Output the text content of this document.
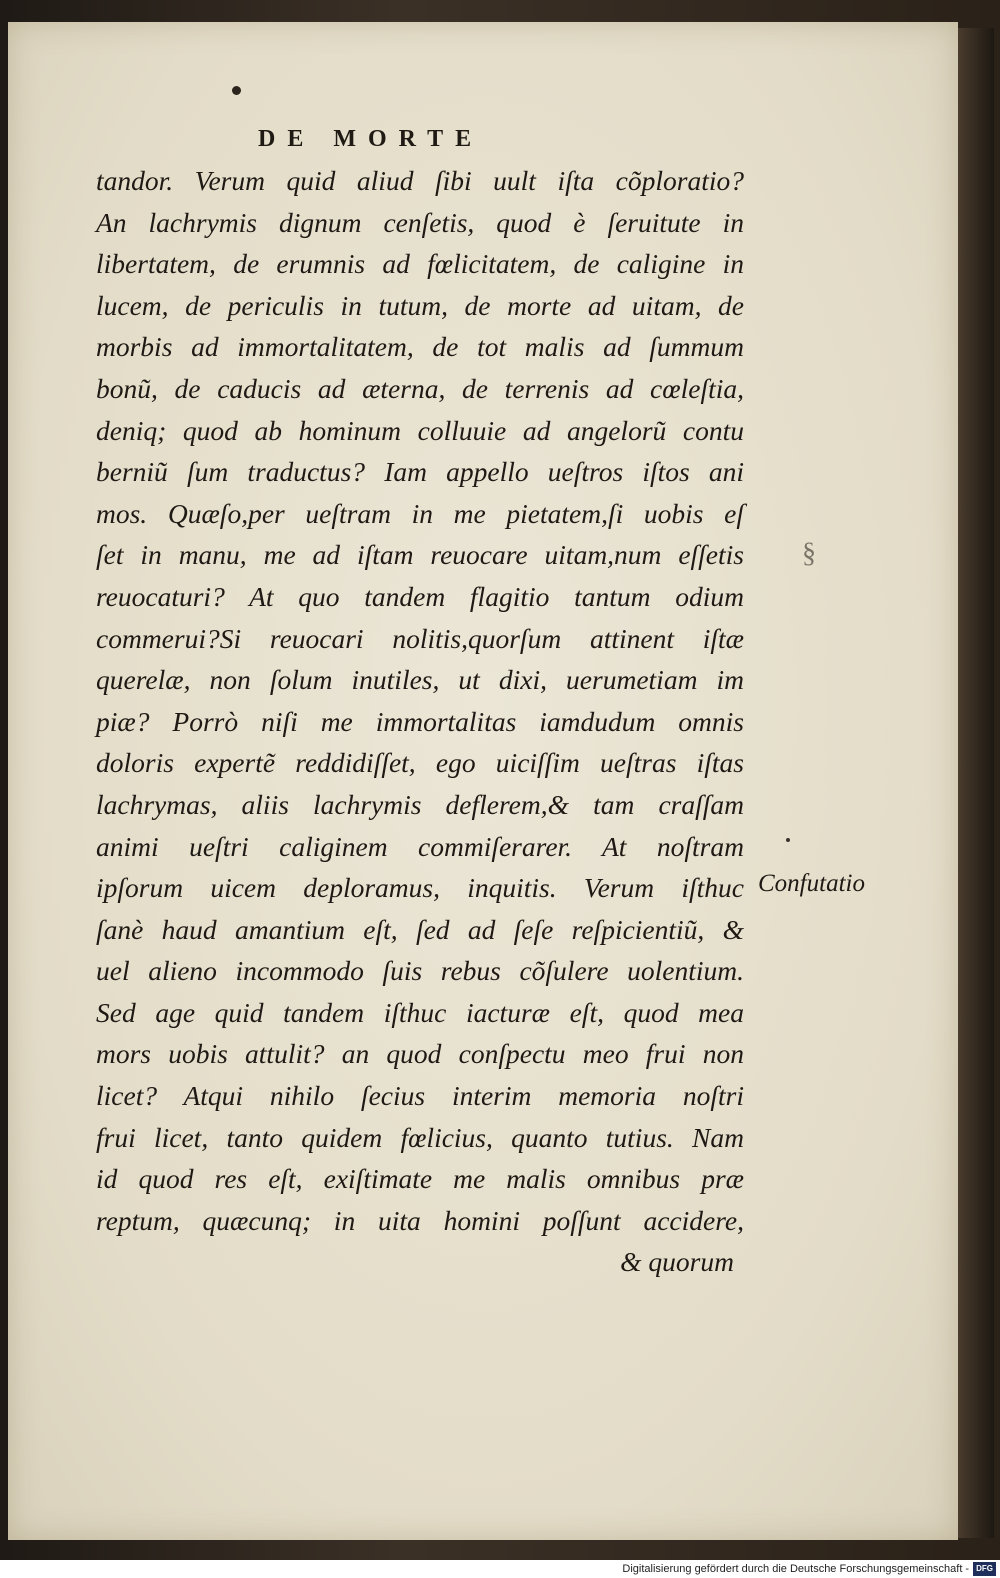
DE MORTE
tandor. Verum quid aliud ſibi uult iſta cõploratio?
An lachrymis dignum cenſetis, quod è ſeruitute in
libertatem, de erumnis ad fœlicitatem, de caligine in
lucem, de periculis in tutum, de morte ad uitam, de
morbis ad immortalitatem, de tot malis ad ſummum
bonũ, de caducis ad æterna, de terrenis ad cœleſtia,
deniq; quod ab hominum colluuie ad angelorũ contu
berniũ ſum traductus? Iam appello ueſtros iſtos ani
mos. Quæſo,per ueſtram in me pietatem,ſi uobis eſ
ſet in manu, me ad iſtam reuocare uitam,num eſſetis
reuocaturi? At quo tandem flagitio tantum odium
commerui?Si reuocari nolitis,quorſum attinent iſtæ
querelæ, non ſolum inutiles, ut dixi, uerumetiam im
piæ? Porrò niſi me immortalitas iamdudum omnis
doloris expertẽ reddidiſſet, ego uiciſſim ueſtras iſtas
lachrymas, aliis lachrymis deflerem,& tam craſſam
animi ueſtri caliginem commiſerarer. At noſtram
ipſorum uicem deploramus, inquitis. Verum iſthuc
ſanè haud amantium eſt, ſed ad ſeſe reſpicientiũ, &
uel alieno incommodo ſuis rebus cõſulere uolentium.
Sed age quid tandem iſthuc iacturæ eſt, quod mea
mors uobis attulit? an quod conſpectu meo frui non
licet? Atqui nihilo ſecius interim memoria noſtri
frui licet, tanto quidem fœlicius, quanto tutius. Nam
id quod res eſt, exiſtimate me malis omnibus præ
reptum, quæcunq; in uita homini poſſunt accidere,
& quorum
§
Confutatio
Digitalisierung gefördert durch die Deutsche Forschungsgemeinschaft - DFG
